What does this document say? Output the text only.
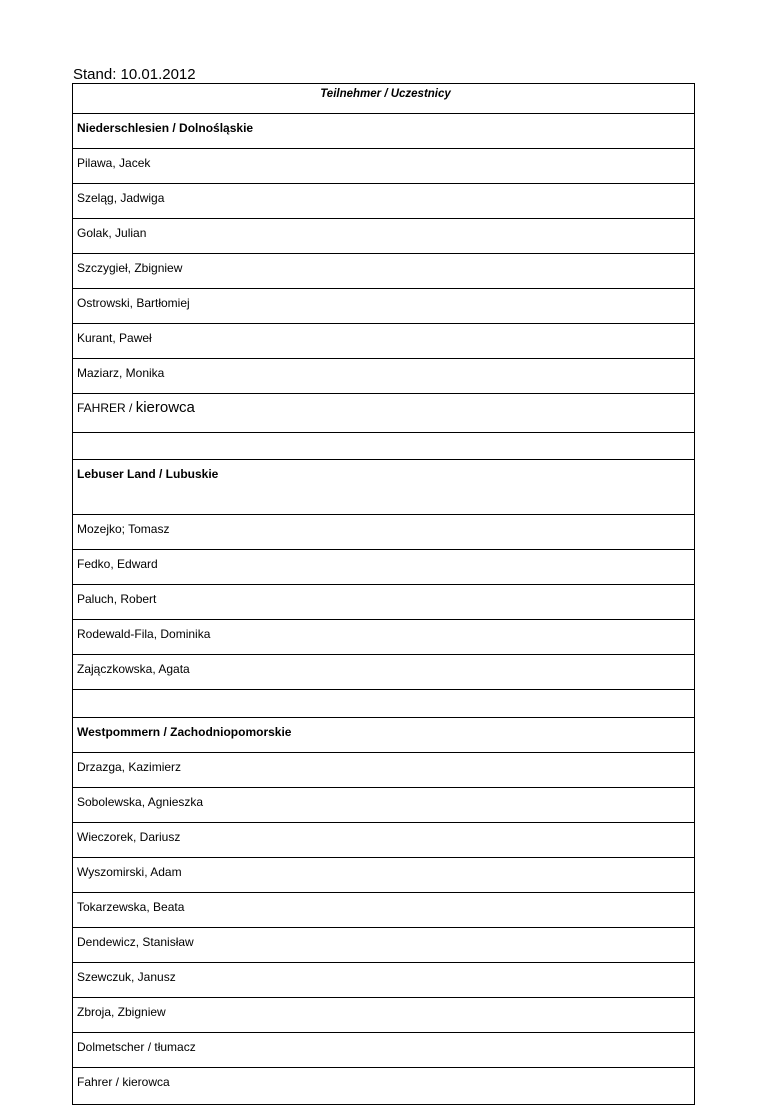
Stand: 10.01.2012
Teilnehmer / Uczestnicy
Niederschlesien / Dolnośląskie
Pilawa, Jacek
Szeląg, Jadwiga
Golak, Julian
Szczygieł, Zbigniew
Ostrowski, Bartłomiej
Kurant, Paweł
Maziarz, Monika
FAHRER / kierowca

Lebuser Land / Lubuskie
Mozejko; Tomasz
Fedko, Edward
Paluch, Robert
Rodewald-Fila, Dominika
Zajączkowska, Agata

Westpommern / Zachodniopomorskie
Drzazga, Kazimierz
Sobolewska, Agnieszka
Wieczorek, Dariusz
Wyszomirski, Adam
Tokarzewska, Beata
Dendewicz, Stanisław
Szewczuk, Janusz
Zbroja, Zbigniew
Dolmetscher / tłumacz
Fahrer / kierowca
